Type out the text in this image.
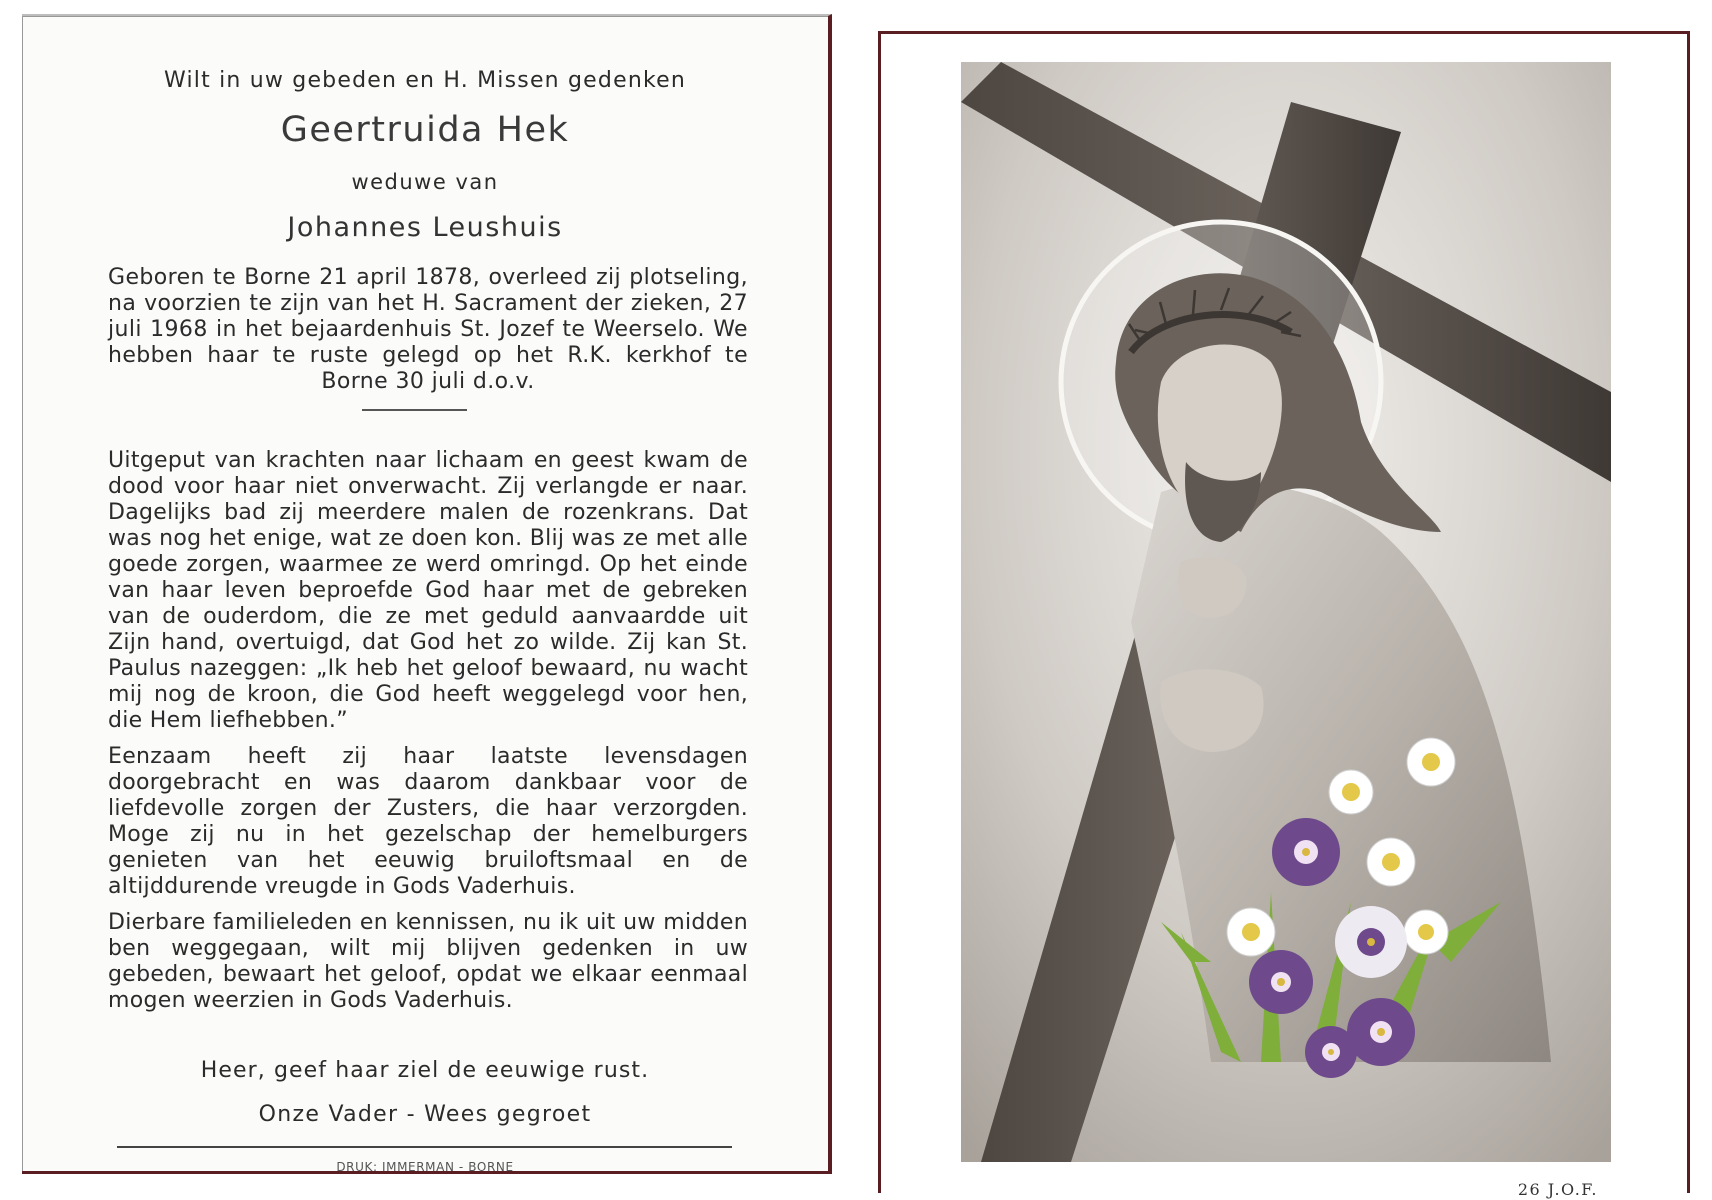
Wilt in uw gebeden en H. Missen gedenken
Geertruida Hek
weduwe van
Johannes Leushuis
Geboren te Borne 21 april 1878, overleed zij plotseling, na voorzien te zijn van het H. Sacrament der zieken, 27 juli 1968 in het bejaardenhuis St. Jozef te Weerselo. We hebben haar te ruste gelegd op het R.K. kerkhof te Borne 30 juli d.o.v.

Uitgeput van krachten naar lichaam en geest kwam de dood voor haar niet onverwacht. Zij verlangde er naar. Dagelijks bad zij meerdere malen de rozenkrans. Dat was nog het enige, wat ze doen kon. Blij was ze met alle goede zorgen, waarmee ze werd omringd. Op het einde van haar leven beproefde God haar met de gebreken van de ouderdom, die ze met geduld aanvaardde uit Zijn hand, overtuigd, dat God het zo wilde. Zij kan St. Paulus nazeggen: „Ik heb het geloof bewaard, nu wacht mij nog de kroon, die God heeft weggelegd voor hen, die Hem liefhebben.”

Eenzaam heeft zij haar laatste levensdagen doorgebracht en was daarom dankbaar voor de liefdevolle zorgen der Zusters, die haar verzorgden. Moge zij nu in het gezelschap der hemelburgers genieten van het eeuwig bruiloftsmaal en de altijddurende vreugde in Gods Vaderhuis.

Dierbare familieleden en kennissen, nu ik uit uw midden ben weggegaan, wilt mij blijven gedenken in uw gebeden, bewaart het geloof, opdat we elkaar eenmaal mogen weerzien in Gods Vaderhuis.

Heer, geef haar ziel de eeuwige rust.
Onze Vader - Wees gegroet
DRUK: IMMERMAN - BORNE
26 J.O.F.
